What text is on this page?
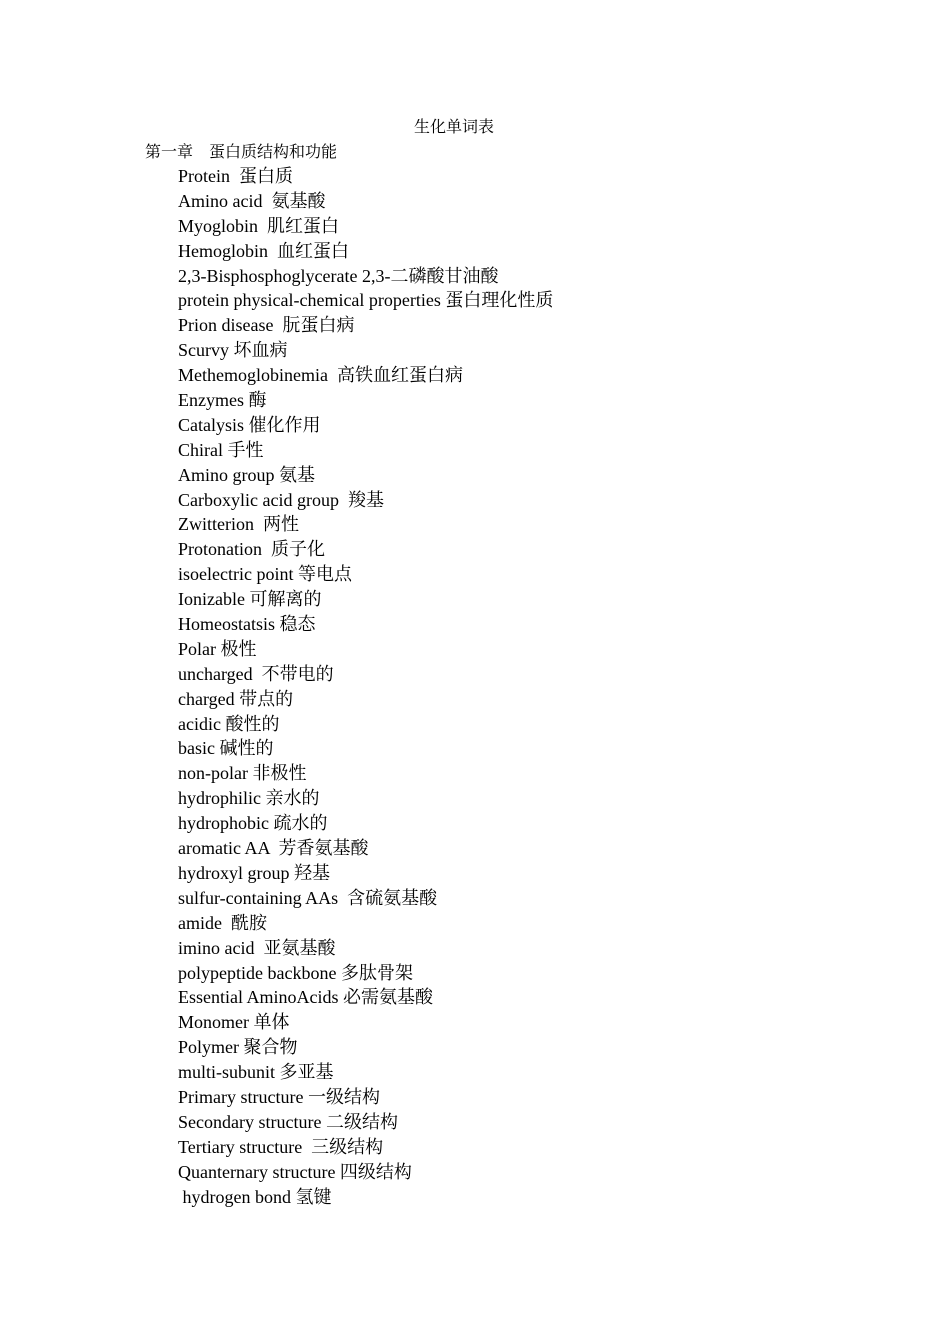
生化单词表
第一章    蛋白质结构和功能
Protein  蛋白质
Amino acid  氨基酸
Myoglobin  肌红蛋白
Hemoglobin  血红蛋白
2,3-Bisphosphoglycerate 2,3-二磷酸甘油酸
protein physical-chemical properties 蛋白理化性质
Prion disease  朊蛋白病
Scurvy 坏血病
Methemoglobinemia  高铁血红蛋白病
Enzymes 酶
Catalysis 催化作用
Chiral 手性
Amino group 氨基
Carboxylic acid group  羧基
Zwitterion  两性
Protonation  质子化
isoelectric point 等电点
Ionizable 可解离的
Homeostatsis 稳态
Polar 极性
uncharged  不带电的
charged 带点的
acidic 酸性的
basic 碱性的
non-polar 非极性
hydrophilic 亲水的
hydrophobic 疏水的
aromatic AA  芳香氨基酸
hydroxyl group 羟基
sulfur-containing AAs  含硫氨基酸
amide  酰胺
imino acid  亚氨基酸
polypeptide backbone 多肽骨架
Essential AminoAcids 必需氨基酸
Monomer 单体
Polymer 聚合物
multi-subunit 多亚基
Primary structure 一级结构
Secondary structure 二级结构
Tertiary structure  三级结构
Quanternary structure 四级结构
hydrogen bond 氢键
